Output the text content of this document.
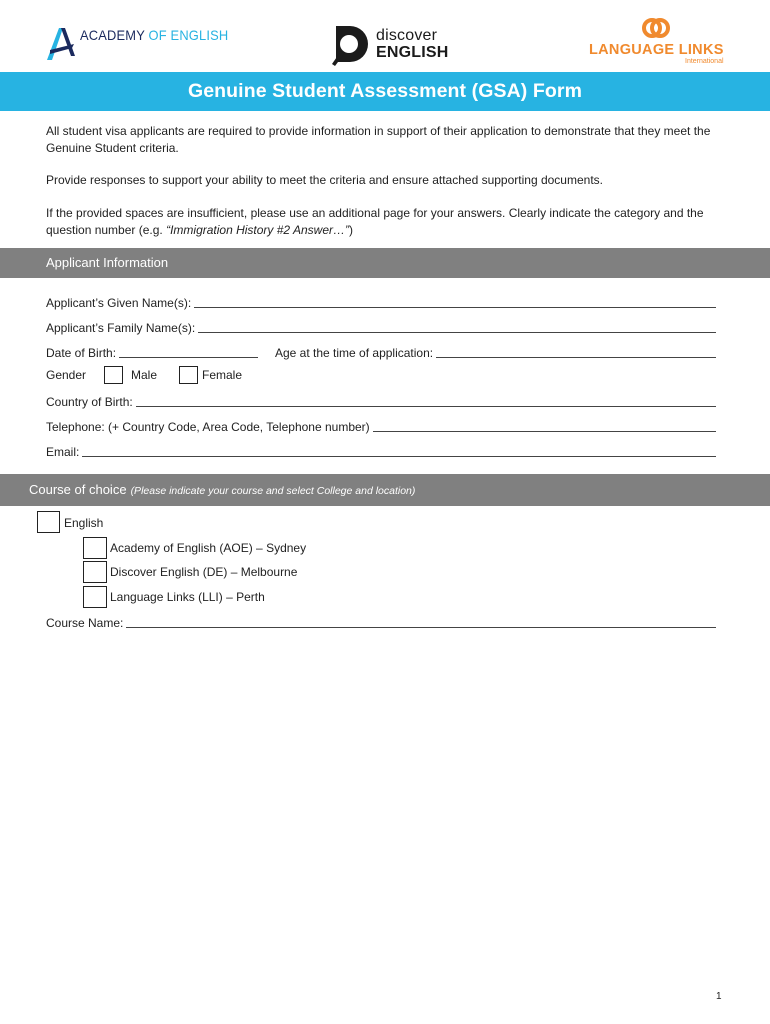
ACADEMY OF ENGLISH	discover
ENGLISH	LANGUAGE LINKS
International
Genuine Student Assessment (GSA) Form

All student visa applicants are required to provide information in support of their application to demonstrate that they meet the Genuine Student criteria.

Provide responses to support your ability to meet the criteria and ensure attached supporting documents.

If the provided spaces are insufficient, please use an additional page for your answers. Clearly indicate the category and the question number (e.g. “Immigration History #2 Answer…”)

Applicant Information
Applicant’s Given Name(s):
Applicant’s Family Name(s):
Date of Birth:	Age at the time of application:
Gender	Male	Female
Country of Birth:
Telephone: (+ Country Code, Area Code, Telephone number)
Email:
Course of choice (Please indicate your course and select College and location)
English
Academy of English (AOE) – Sydney
Discover English (DE) – Melbourne
Language Links (LLI) – Perth
Course Name:
1
